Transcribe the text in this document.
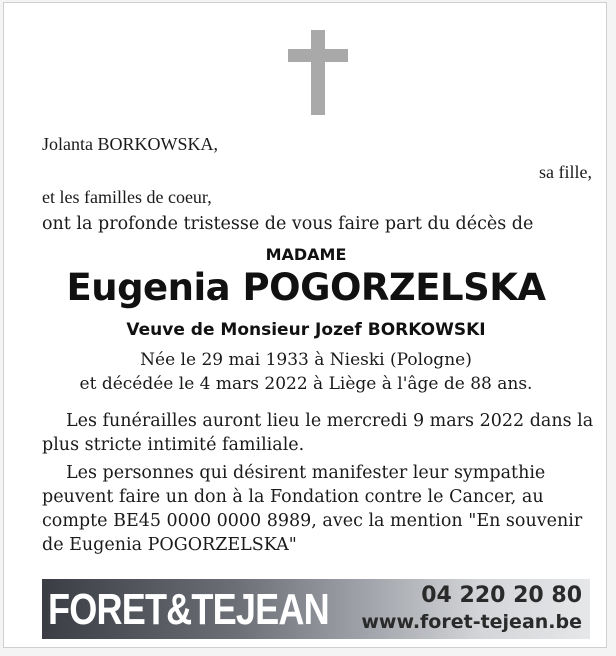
Jolanta BORKOWSKA,
sa fille,
et les familles de coeur,
ont la profonde tristesse de vous faire part du décès de
MADAME
Eugenia POGORZELSKA
Veuve de Monsieur Jozef BORKOWSKI
Née le 29 mai 1933 à Nieski (Pologne)
et décédée le 4 mars 2022 à Liège à l'âge de 88 ans.
Les funérailles auront lieu le mercredi 9 mars 2022 dans la plus stricte intimité familiale.
Les personnes qui désirent manifester leur sympathie peuvent faire un don à la Fondation contre le Cancer, au compte BE45 0000 0000 8989, avec la mention "En souvenir de Eugenia POGORZELSKA"
FORET&TEJEAN	04 220 20 80
www.foret-tejean.be
